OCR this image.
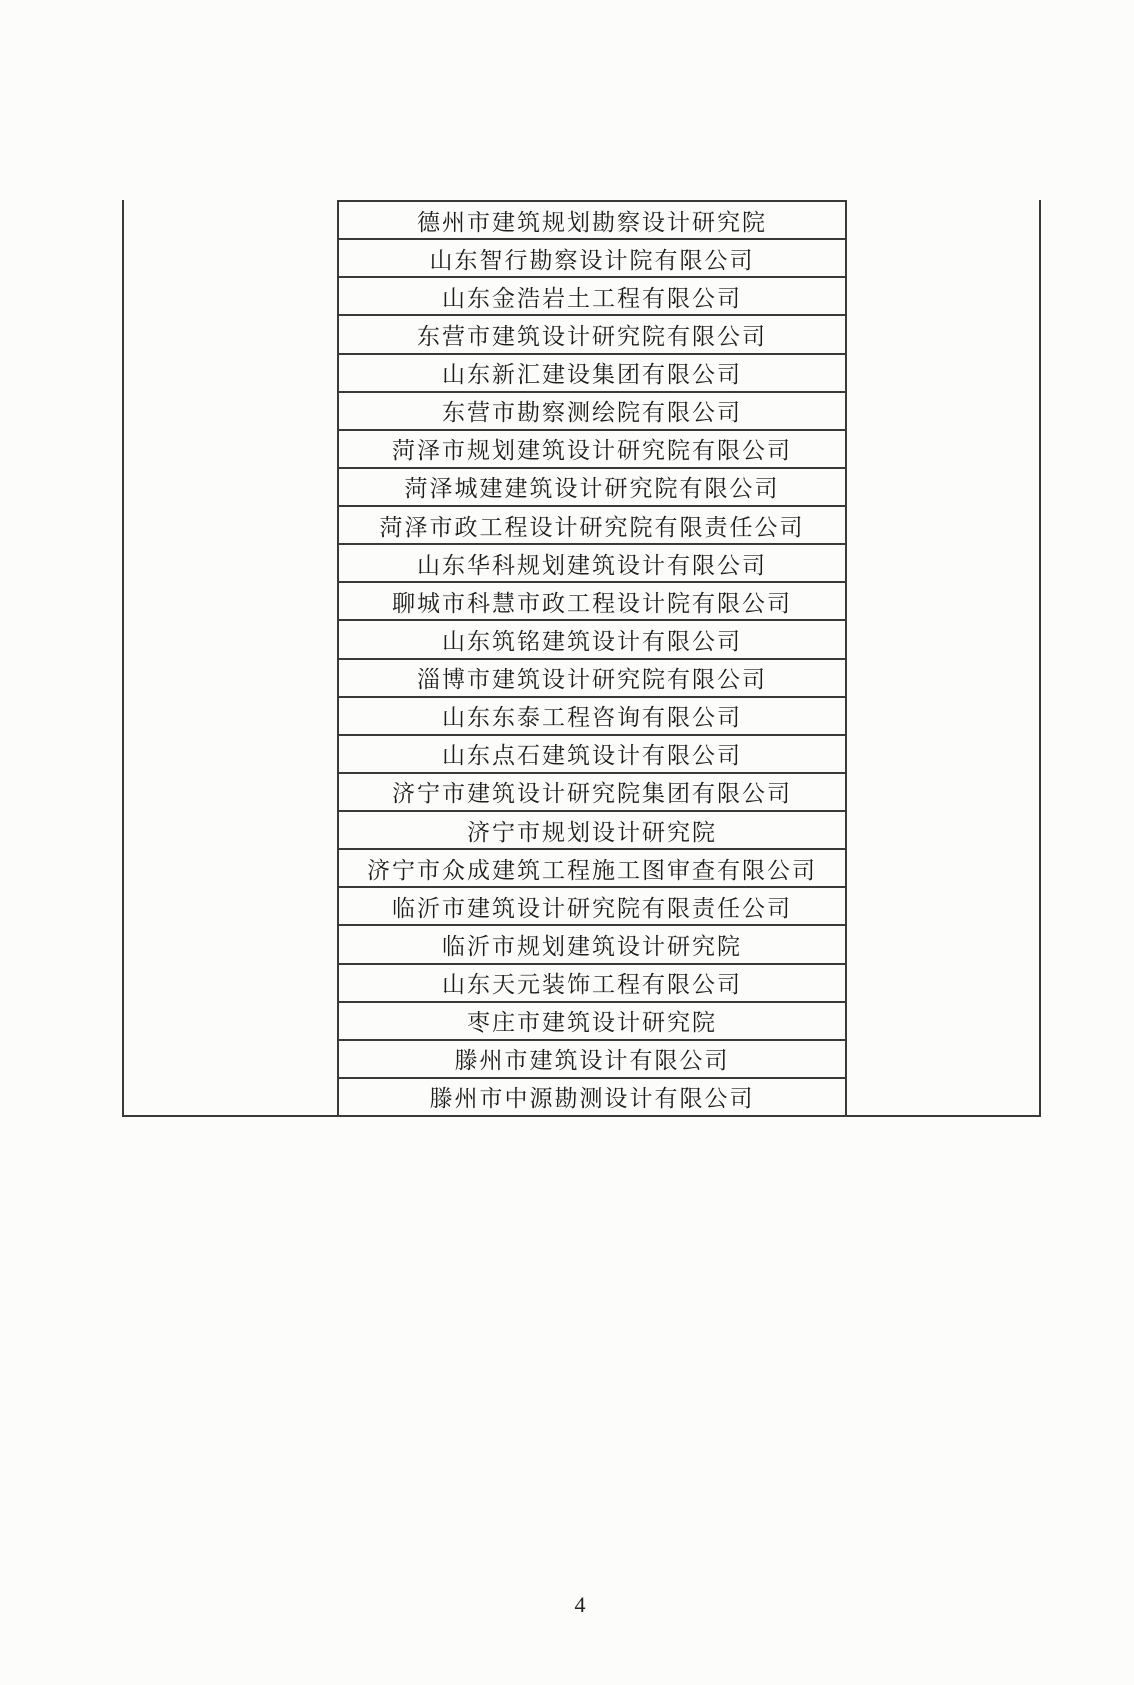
德州市建筑规划勘察设计研究院
山东智行勘察设计院有限公司
山东金浩岩土工程有限公司
东营市建筑设计研究院有限公司
山东新汇建设集团有限公司
东营市勘察测绘院有限公司
菏泽市规划建筑设计研究院有限公司
菏泽城建建筑设计研究院有限公司
菏泽市政工程设计研究院有限责任公司
山东华科规划建筑设计有限公司
聊城市科慧市政工程设计院有限公司
山东筑铭建筑设计有限公司
淄博市建筑设计研究院有限公司
山东东泰工程咨询有限公司
山东点石建筑设计有限公司
济宁市建筑设计研究院集团有限公司
济宁市规划设计研究院
济宁市众成建筑工程施工图审查有限公司
临沂市建筑设计研究院有限责任公司
临沂市规划建筑设计研究院
山东天元装饰工程有限公司
枣庄市建筑设计研究院
滕州市建筑设计有限公司
滕州市中源勘测设计有限公司
4
